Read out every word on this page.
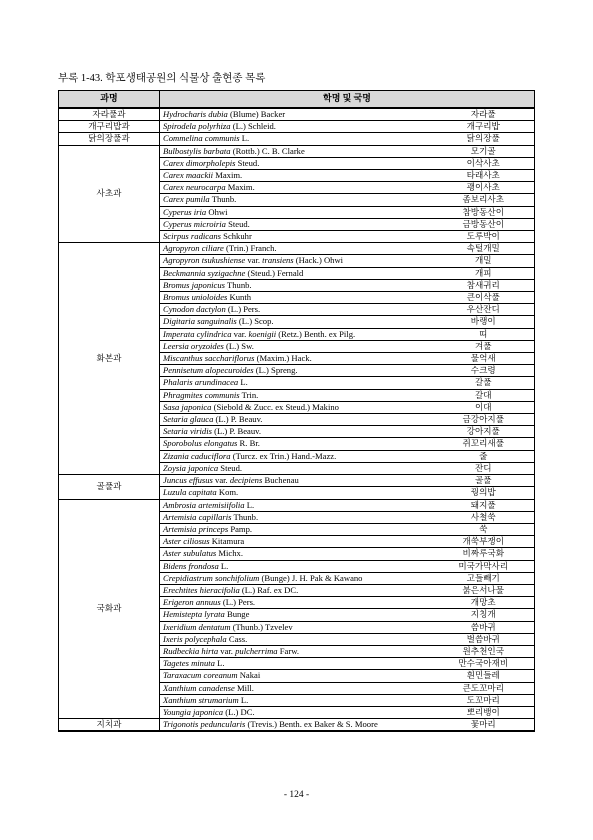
부록 1-43. 학포생태공원의 식물상 출현종 목록
과명	학명 및 국명	
자라풀과	Hydrocharis dubia (Blume) Backer	자라풀
개구리밥과	Spirodela polyrhiza (L.) Schleid.	개구리밥
닭의장풀과	Commelina communis L.	닭의장풀
사초과	Bulbostylis barbata (Rottb.) C. B. Clarke	모기골
	Carex dimorpholepis Steud.	이삭사초
	Carex maackii Maxim.	타래사초
	Carex neurocarpa Maxim.	괭이사초
	Carex pumila Thunb.	좀보리사초
	Cyperus iria Ohwi	참방동산이
	Cyperus microiria Steud.	금방동산이
	Scirpus radicans Schkuhr	도루박이
화본과	Agropyron ciliare (Trin.) Franch.	속털개밀
	Agropyron tsukushiense var. transiens (Hack.) Ohwi	개밀
	Beckmannia syzigachne (Steud.) Fernald	개피
	Bromus japonicus Thunb.	참새귀리
	Bromus unioloides Kunth	큰이삭풀
	Cynodon dactylon (L.) Pers.	우산잔디
	Digitaria sanguinalis (L.) Scop.	바랭이
	Imperata cylindrica var. koenigii (Retz.) Benth. ex Pilg.	띠
	Leersia oryzoides (L.) Sw.	겨풀
	Miscanthus sacchariflorus (Maxim.) Hack.	물억새
	Pennisetum alopecuroides (L.) Spreng.	수크령
	Phalaris arundinacea L.	갈풀
	Phragmites communis Trin.	갈대
	Sasa japonica (Siebold & Zucc. ex Steud.) Makino	이대
	Setaria glauca (L.) P. Beauv.	금강아지풀
	Setaria viridis (L.) P. Beauv.	강아지풀
	Sporobolus elongatus R. Br.	쥐꼬리새풀
	Zizania caduciflora (Turcz. ex Trin.) Hand.-Mazz.	줄
	Zoysia japonica Steud.	잔디
골풀과	Juncus effusus var. decipiens Buchenau	골풀
	Luzula capitata Kom.	꿩의밥
국화과	Ambrosia artemisiifolia L.	돼지풀
	Artemisia capillaris Thunb.	사철쑥
	Artemisia princeps Pamp.	쑥
	Aster ciliosus Kitamura	개쑥부쟁이
	Aster subulatus Michx.	비짜루국화
	Bidens frondosa L.	미국가막사리
	Crepidiastrum sonchifolium (Bunge) J. H. Pak & Kawano	고들빼기
	Erechtites hieracifolia (L.) Raf. ex DC.	붉은서나물
	Erigeron annuus (L.) Pers.	개망초
	Hemistepta lyrata Bunge	지칭개
	Ixeridium dentatum (Thunb.) Tzvelev	씀바귀
	Ixeris polycephala Cass.	벌씀바귀
	Rudbeckia hirta var. pulcherrima Farw.	원추천인국
	Tagetes minuta L.	만수국아재비
	Taraxacum coreanum Nakai	흰민들레
	Xanthium canadense Mill.	큰도꼬마리
	Xanthium strumarium L.	도꼬마리
	Youngia japonica (L.) DC.	뽀리뱅이
지치과	Trigonotis peduncularis (Trevis.) Benth. ex Baker & S. Moore	꽃마리
- 124 -
